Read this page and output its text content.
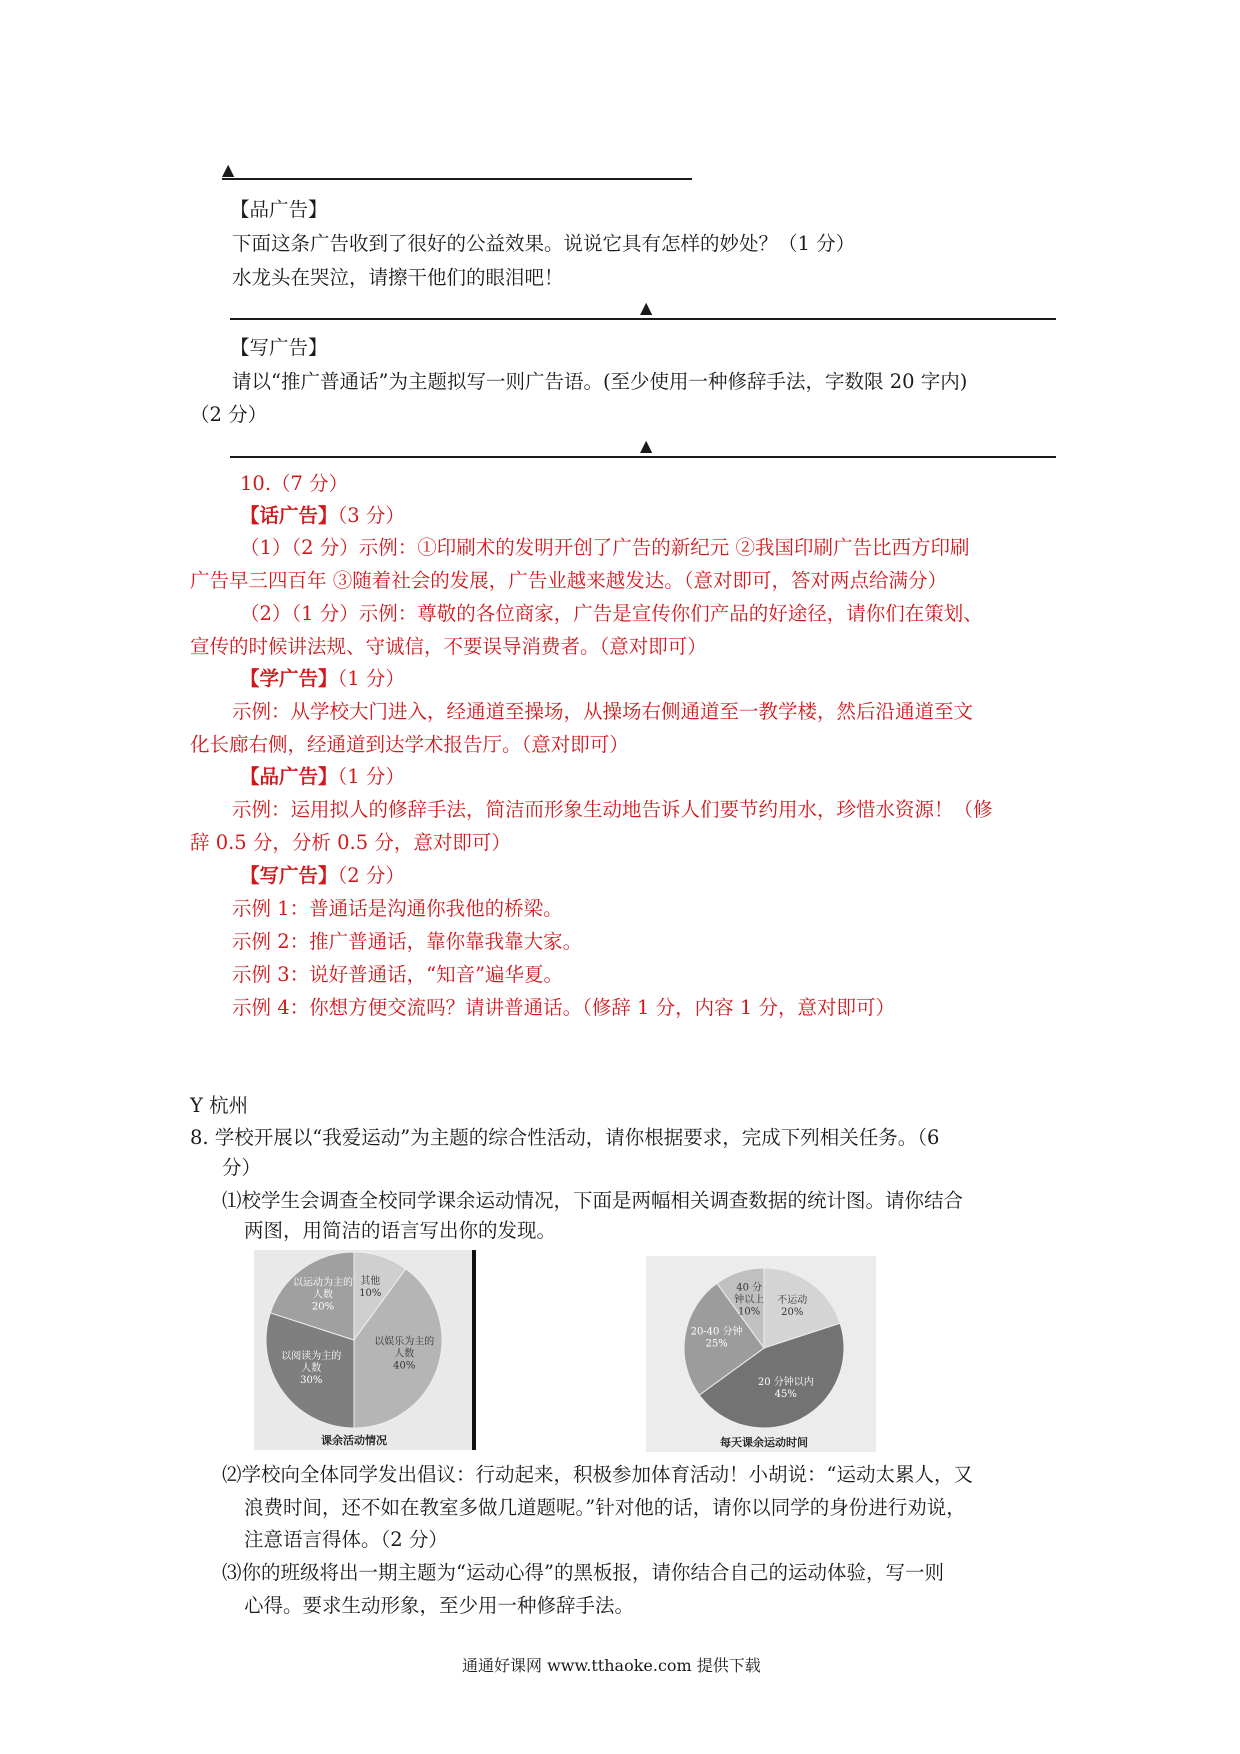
▲
【品广告】
下面这条广告收到了很好的公益效果。说说它具有怎样的妙处？（1 分）
水龙头在哭泣，请擦干他们的眼泪吧！
▲
【写广告】
请以“推广普通话”为主题拟写一则广告语。(至少使用一种修辞手法，字数限 20 字内)
（2 分）
▲
10.（7 分）
【话广告】（3 分）
（1）（2 分）示例：①印刷术的发明开创了广告的新纪元 ②我国印刷广告比西方印刷
广告早三四百年 ③随着社会的发展，广告业越来越发达。（意对即可，答对两点给满分）
（2）（1 分）示例：尊敬的各位商家，广告是宣传你们产品的好途径，请你们在策划、
宣传的时候讲法规、守诚信，不要误导消费者。（意对即可）
【学广告】（1 分）
示例：从学校大门进入，经通道至操场，从操场右侧通道至一教学楼，然后沿通道至文
化长廊右侧，经通道到达学术报告厅。（意对即可）
【品广告】（1 分）
示例：运用拟人的修辞手法，简洁而形象生动地告诉人们要节约用水，珍惜水资源！（修
辞 0.5 分，分析 0.5 分，意对即可）
【写广告】（2 分）
示例 1：普通话是沟通你我他的桥梁。
示例 2：推广普通话，靠你靠我靠大家。
示例 3：说好普通话，“知音”遍华夏。
示例 4：你想方便交流吗？请讲普通话。（修辞 1 分，内容 1 分，意对即可）
Y 杭州
8. 学校开展以“我爱运动”为主题的综合性活动，请你根据要求，完成下列相关任务。（6
分）
⑴校学生会调查全校同学课余运动情况，下面是两幅相关调查数据的统计图。请你结合
两图，用简洁的语言写出你的发现。
其他 10%
以娱乐为主的人数 40%
以阅读为主的人数 30%
以运动为主的人数 20%
课余活动情况
不运动 20%
20 分钟以内 45%
20-40 分钟 25%
40 分钟以上 10%
每天课余运动时间
⑵学校向全体同学发出倡议：行动起来，积极参加体育活动！小胡说：“运动太累人，又
浪费时间，还不如在教室多做几道题呢。”针对他的话，请你以同学的身份进行劝说，
注意语言得体。（2 分）
⑶你的班级将出一期主题为“运动心得”的黑板报，请你结合自己的运动体验，写一则
心得。要求生动形象，至少用一种修辞手法。
通通好课网 www.tthaoke.com 提供下载
